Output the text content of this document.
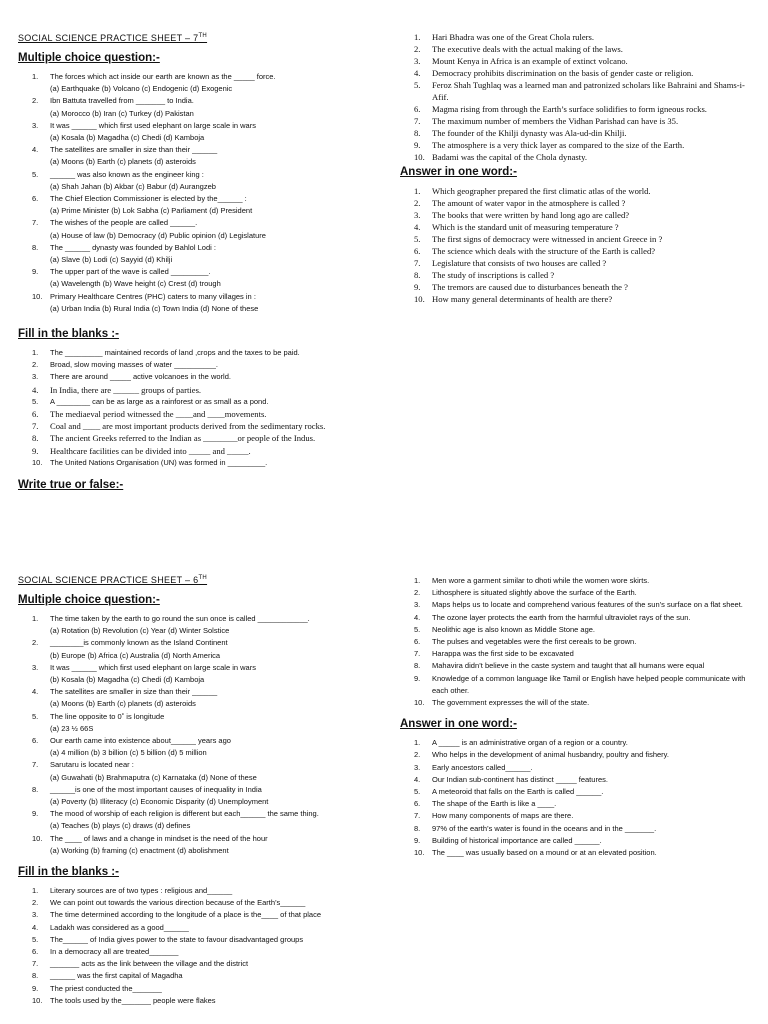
SOCIAL SCIENCE PRACTICE SHEET – 7TH
Multiple choice question:-
1. The forces which act inside our earth are known as the _____ force.
(a) Earthquake (b) Volcano (c) Endogenic (d) Exogenic
2. Ibn Battuta travelled from _______ to India.
(a) Morocco (b) Iran (c) Turkey (d) Pakistan
3. It was ______ which first used elephant on large scale in wars
(a) Kosala (b) Magadha (c) Chedi (d) Kamboja
4. The satellites are smaller in size than their ______
(a) Moons (b) Earth (c) planets (d) asteroids
5. ______ was also known as the engineer king :
(a) Shah Jahan (b) Akbar (c) Babur (d) Aurangzeb
6. The Chief Election Commissioner is elected by the______ :
(a) Prime Minister (b) Lok Sabha (c) Parliament (d) President
7. The wishes of the people are called ______.
(a) House of law (b) Democracy (d) Public opinion (d) Legislature
8. The ______ dynasty was founded by Bahlol Lodi :
(a) Slave (b) Lodi (c) Sayyid (d) Khilji
9. The upper part of the wave is called _________.
(a) Wavelength (b) Wave height (c) Crest (d) trough
10. Primary Healthcare Centres (PHC) caters to many villages in :
(a) Urban India (b) Rural India (c) Town India (d) None of these
Fill in the blanks :-
1. The _________ maintained records of land ,crops and the taxes to be paid.
2. Broad, slow moving masses of water __________.
3. There are around _____ active volcanoes in the world.
4. In India, there are ______ groups of parties.
5. A ________ can be as large as a rainforest or as small as a pond.
6. The mediaeval period witnessed the ____and ____movements.
7. Coal and ____ are most important products derived from the sedimentary rocks.
8. The ancient Greeks referred to the Indian as ________or people of the Indus.
9. Healthcare facilities can be divided into _____ and _____.
10. The United Nations Organisation (UN) was formed in _________.
Write true or false:-
1. Hari Bhadra was one of the Great Chola rulers.
2. The executive deals with the actual making of the laws.
3. Mount Kenya in Africa is an example of extinct volcano.
4. Democracy prohibits discrimination on the basis of gender caste or religion.
5. Feroz Shah Tughlaq was a learned man and patronized scholars like Bahraini and Shams-i- Afif.
6. Magma rising from through the Earth’s surface solidifies to form igneous rocks.
7. The maximum number of members the Vidhan Parishad can have is 35.
8. The founder of the Khilji dynasty was Ala-ud-din Khilji.
9. The atmosphere is a very thick layer as compared to the size of the Earth.
10. Badami was the capital of the Chola dynasty.
Answer in one word:-
1. Which geographer prepared the first climatic atlas of the world.
2. The amount of water vapor in the atmosphere is called ?
3. The books that were written by hand long ago are called?
4. Which is the standard unit of measuring temperature ?
5. The first signs of democracy were witnessed in ancient Greece in ?
6. The science which deals with the structure of the Earth is called?
7. Legislature that consists of two houses are called ?
8. The study of inscriptions is called ?
9. The tremors are caused due to disturbances beneath the ?
10. How many general determinants of health are there?
SOCIAL SCIENCE PRACTICE SHEET – 6TH
Multiple choice question:-
1. The time taken by the earth to go round the sun once is called ____________.
(a) Rotation (b) Revolution (c) Year (d) Winter Solstice
2. ________is commonly known as the Island Continent
(b) Europe (b) Africa (c) Australia (d) North America
3. It was ______ which first used elephant on large scale in wars
(b) Kosala (b) Magadha (c) Chedi (d) Kamboja
4. The satellites are smaller in size than their ______
(a) Moons (b) Earth (c) planets (d) asteroids
5. The line opposite to 0˚ is longitude
(a) 23 ½ 66S
6. Our earth came into existence about______ years ago
(a) 4 million (b) 3 billion (c) 5 billion (d) 5 million
7. Sarutaru is located near :
(a) Guwahati (b) Brahmaputra (c) Karnataka (d) None of these
8. ______is one of the most important causes of inequality in India
(a) Poverty (b) Illiteracy (c) Economic Disparity (d) Unemployment
9. The mood of worship of each religion is different but each______ the same thing.
(a) Teaches (b) plays (c) draws (d) defines
10. The ____ of laws and a change in mindset is the need of the hour
(a) Working (b) framing (c) enactment (d) abolishment
Fill in the blanks :-
1. Literary sources are of two types : religious and______
2. We can point out towards the various direction because of the Earth’s______
3. The time determined according to the longitude of a place is the____ of that place
4. Ladakh was considered as a good______
5. The______ of India gives power to the state to favour disadvantaged groups
6. In a democracy all are treated_______
7. _______ acts as the link between the village and the district
8. ______ was the first capital of Magadha
9. The priest conducted the_______
10. The tools used by the_______ people were flakes
1. Men wore a garment similar to dhoti while the women wore skirts.
2. Lithosphere is situated slightly above the surface of the Earth.
3. Maps helps us to locate and comprehend various features of the sun’s surface on a flat sheet.
4. The ozone layer protects the earth from the harmful ultraviolet rays of the sun.
5. Neolithic age is also known as Middle Stone age.
6. The pulses and vegetables were the first cereals to be grown.
7. Harappa was the first side to be excavated
8. Mahavira didn’t believe in the caste system and taught that all humans were equal
9. Knowledge of a common language like Tamil or English have helped people communicate with each other.
10. The government expresses the will of the state.
Answer in one word:-
1. A _____ is an administrative organ of a region or a country.
2. Who helps in the development of animal husbandry, poultry and fishery.
3. Early ancestors called______.
4. Our Indian sub-continent has distinct _____ features.
5. A meteoroid that falls on the Earth is called ______.
6. The shape of the Earth is like a ____.
7. How many components of maps are there.
8. 97% of the earth’s water is found in the oceans and in the _______.
9. Building of historical importance are called ______.
10. The ____ was usually based on a mound or at an elevated position.
